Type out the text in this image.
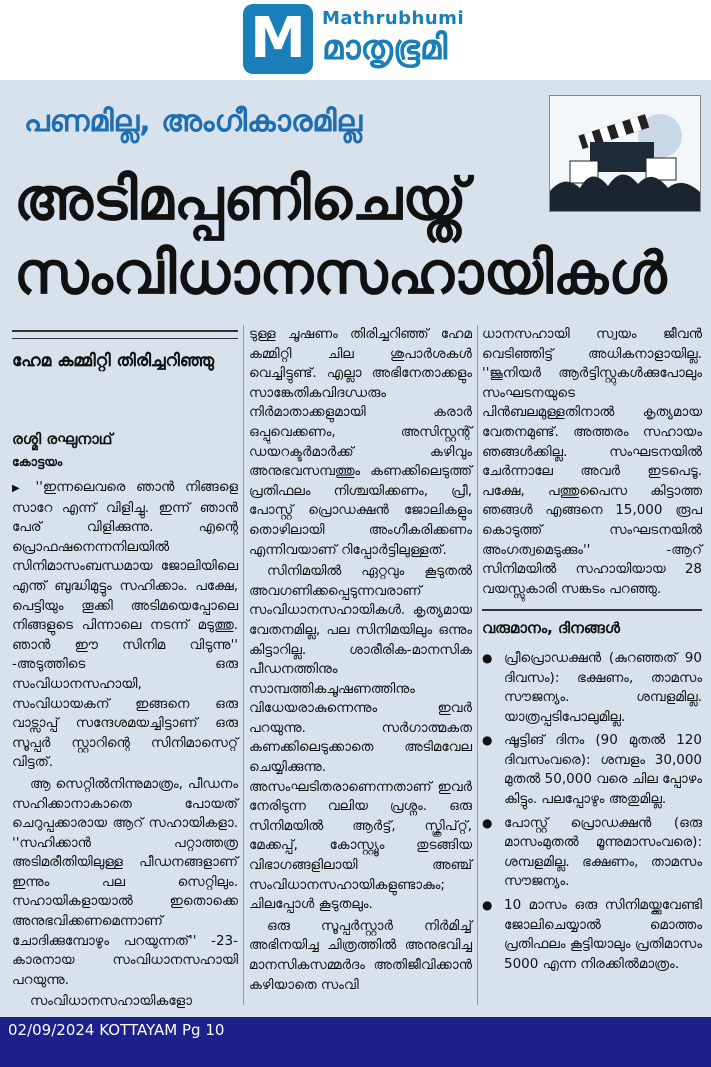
M Mathrubhumi
മാതൃഭൂമി
പണമില്ല, അംഗീകാരമില്ല
അടിമപ്പണിചെയ്ത്
സംവിധാനസഹായികൾ
ഹേമ കമ്മിറ്റി തിരിച്ചറിഞ്ഞു
രശ്മി രഘുനാഥ്
കോട്ടയം

▶ ''ഇന്നലെവരെ ഞാൻ നിങ്ങളെ സാറേ എന്ന് വിളിച്ചു. ഇന്ന് ഞാൻ പേര് വിളിക്കുന്നു. എന്റെ പ്രൊഫഷനെന്നനിലയിൽ സിനിമാസംബന്ധമായ ജോലിയിലെ എന്ത് ബുദ്ധിമുട്ടും സഹിക്കാം. പക്ഷേ, പെട്ടിയും തൂക്കി അടിമയെപ്പോലെ നിങ്ങളുടെ പിന്നാലെ നടന്ന് മടുത്തു. ഞാൻ ഈ സിനിമ വിടുന്നു'' -അടുത്തിടെ ഒരു സംവിധാനസഹായി, സംവിധായകന് ഇങ്ങനെ ഒരു വാട്സാപ്പ് സന്ദേശമയച്ചിട്ടാണ് ഒരു സൂപ്പർ സ്റ്റാറിന്റെ സിനിമാസെറ്റ് വിട്ടത്.

ആ സെറ്റിൽനിന്നുമാത്രം, പീഡനം സഹിക്കാനാകാതെ പോയത് ചെറുപ്പക്കാരായ ആറ് സഹായികളാ. ''സഹിക്കാൻ പറ്റാത്തത്ര അടിമരീതിയിലുള്ള പീഡനങ്ങളാണ് ഇന്നും പല സെറ്റിലും. സഹായികളായാൽ ഇതൊക്കെ അനുഭവിക്കണമെന്നാണ് ചോദിക്കുമ്പോഴും പറയുന്നത്'' -23-കാരനായ സംവിധാനസഹായി പറയുന്നു.

സംവിധാനസഹായികളോ

ടുള്ള ചൂഷണം തിരിച്ചറിഞ്ഞ് ഹേമ കമ്മിറ്റി ചില ശുപാർശകൾ വെച്ചിട്ടുണ്ട്. എല്ലാ അഭിനേതാക്കളും സാങ്കേതികവിദഗ്ധരും നിർമാതാക്കളുമായി കരാർ ഒപ്പുവെക്കണം, അസിസ്റ്റന്റ് ഡയറക്ടർമാർക്ക് കഴിവും അനുഭവസമ്പത്തും കണക്കിലെടുത്ത് പ്രതിഫലം നിശ്ചയിക്കണം, പ്രീ, പോസ്റ്റ് പ്രൊഡക്ഷൻ ജോലികളും തൊഴിലായി അംഗീകരിക്കണം എന്നിവയാണ് റിപ്പോർട്ടിലുള്ളത്.

സിനിമയിൽ ഏറ്റവും കൂടുതൽ അവഗണിക്കപ്പെടുന്നവരാണ് സംവിധാനസഹായികൾ. കൃത്യമായ വേതനമില്ല, പല സിനിമയിലും ഒന്നും കിട്ടാറില്ല. ശാരീരിക-മാനസിക പീഡനത്തിനും സാമ്പത്തികചൂഷണത്തിനും വിധേയരാകുന്നെന്നും ഇവർ പറയുന്നു. സർഗാത്മകത കണക്കിലെടുക്കാതെ അടിമവേല ചെയ്യിക്കുന്നു. അസംഘടിതരാണെന്നതാണ് ഇവർ നേരിടുന്ന വലിയ പ്രശ്നം. ഒരു സിനിമയിൽ ആർട്ട്, സ്ക്രിപ്റ്റ്, മേക്കപ്പ്, കോസ്റ്റ്യൂം തുടങ്ങിയ വിഭാഗങ്ങളിലായി അഞ്ച് സംവിധാനസഹായികളുണ്ടാകും; ചിലപ്പോൾ കൂടുതലും.

ഒരു സൂപ്പർസ്റ്റാർ നിർമിച്ച് അഭിനയിച്ച ചിത്രത്തിൽ അനുഭവിച്ച മാനസികസമ്മർദം അതിജീവിക്കാൻ കഴിയാതെ സംവി

ധാനസഹായി സ്വയം ജീവൻ വെടിഞ്ഞിട്ട് അധികനാളായില്ല. ''ജൂനിയർ ആർട്ടിസ്റ്റുകൾക്കുപോലും സംഘടനയുടെ പിൻബലമുള്ളതിനാൽ കൃത്യമായ വേതനമുണ്ട്. അത്തരം സഹായം ഞങ്ങൾക്കില്ല. സംഘടനയിൽ ചേർന്നാലേ അവർ ഇടപെടൂ. പക്ഷേ, പത്തുപൈസ കിട്ടാത്ത ഞങ്ങൾ എങ്ങനെ 15,000 രൂപ കൊടുത്ത് സംഘടനയിൽ അംഗത്വമെടുക്കും'' -ആറ് സിനിമയിൽ സഹായിയായ 28 വയസ്സുകാരി സങ്കടം പറഞ്ഞു.

വരുമാനം, ദിനങ്ങൾ
● പ്രീപ്രൊഡക്ഷൻ (കുറഞ്ഞത് 90 ദിവസം): ഭക്ഷണം, താമസം സൗജന്യം. ശമ്പളമില്ല. യാത്രപ്പടിപോലുമില്ല.
● ഷൂട്ടിങ് ദിനം (90 മുതൽ 120 ദിവസംവരെ): ശമ്പളം 30,000 മുതൽ 50,000 വരെ ചില പ്പോഴം കിട്ടും. പലപ്പോഴും അതുമില്ല.
● പോസ്റ്റ് പ്രൊഡക്ഷൻ (ഒരു മാസംമുതൽ മൂന്നുമാസംവരെ): ശമ്പളമില്ല. ഭക്ഷണം, താമസം സൗജന്യം.
● 10 മാസം ഒരു സിനിമയ്ക്കുവേണ്ടി ജോലിചെയ്യാൽ മൊത്തം പ്രതിഫലം കൂട്ടിയാലും പ്രതിമാസം 5000 എന്ന നിരക്കിൽമാത്രം.
02/09/2024 KOTTAYAM Pg 10
